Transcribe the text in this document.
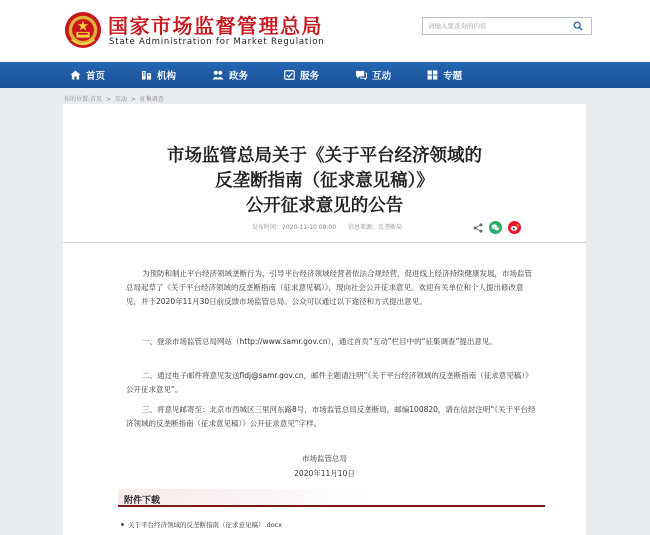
国家市场监督管理总局
State Administration for Market Regulation
请输入要查询的内容
首页	机构	政务	服务	互动	专题
你的位置:首页 > 互动 > 征集调查
市场监管总局关于《关于平台经济领域的
反垄断指南（征求意见稿）》
公开征求意见的公告
发布时间：2020-11-10 08:00 信息来源：反垄断局

为预防和制止平台经济领域垄断行为，引导平台经济领域经营者依法合规经营，促进线上经济持续健康发展，市场监管总局起草了《关于平台经济领域的反垄断指南（征求意见稿）》，现向社会公开征求意见。欢迎有关单位和个人提出修改意见，并于2020年11月30日前反馈市场监管总局。公众可以通过以下途径和方式提出意见。

一、登录市场监管总局网站（http://www.samr.gov.cn），通过首页“互动”栏目中的“征集调查”提出意见。

二、通过电子邮件将意见发送fldj@samr.gov.cn，邮件主题请注明“《关于平台经济领域的反垄断指南（征求意见稿）》公开征求意见”。

三、将意见邮寄至：北京市西城区三里河东路8号，市场监管总局反垄断局，邮编100820，请在信封注明“《关于平台经济领域的反垄断指南（征求意见稿）》公开征求意见”字样。

市场监管总局
2020年11月10日
附件下载
关于平台经济领域的反垄断指南（征求意见稿）.docx
